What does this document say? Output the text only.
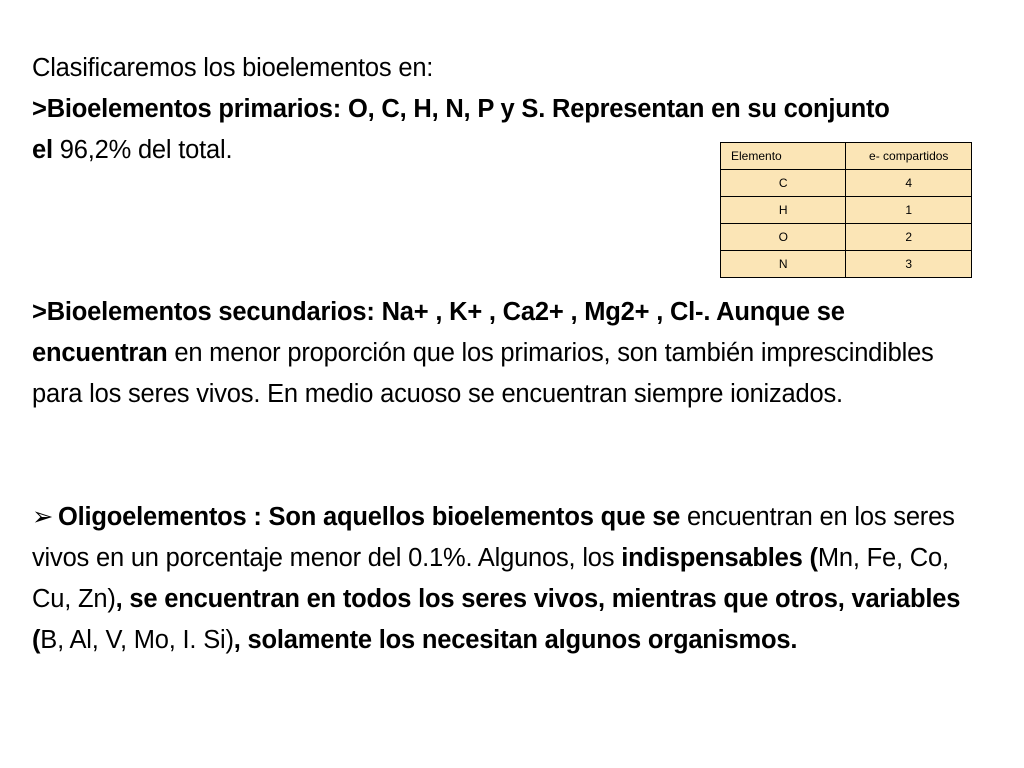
Clasificaremos los bioelementos en:
>Bioelementos primarios: O, C, H, N, P y S. Representan en su conjunto el 96,2% del total.	Elemento	e- compartidos
C	4
H	1
O	2
N	3
>Bioelementos secundarios: Na+ , K+ , Ca2+ , Mg2+ , Cl-. Aunque se encuentran en menor proporción que los primarios, son también imprescindibles para los seres vivos. En medio acuoso se encuentran siempre ionizados.
➢ Oligoelementos : Son aquellos bioelementos que se encuentran en los seres vivos en un porcentaje menor del 0.1%. Algunos, los indispensables (Mn, Fe, Co, Cu, Zn), se encuentran en todos los seres vivos, mientras que otros, variables (B, Al, V, Mo, I. Si), solamente los necesitan algunos organismos.
